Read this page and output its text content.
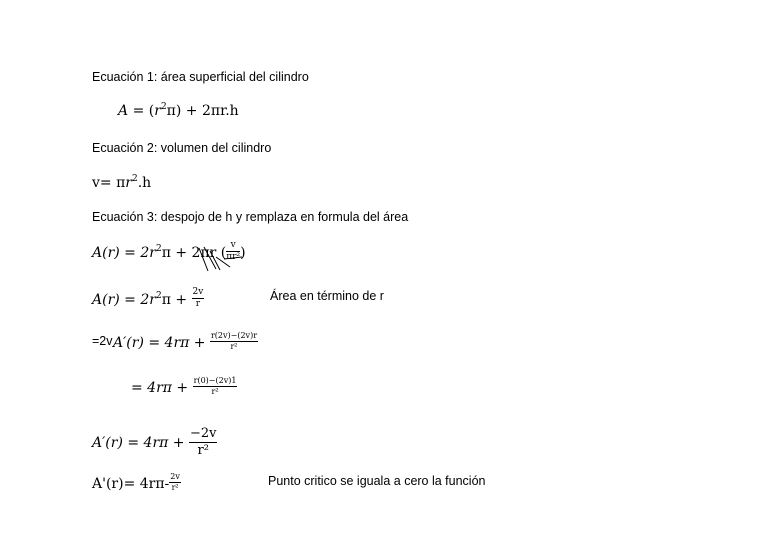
Ecuación 1: área superficial del cilindro
Ecuación 2: volumen del cilindro
Ecuación 3: despojo de h y remplaza en formula del área
Área en término de r
Punto critico se iguala a cero la función
$A = (r^2\pi) + 2\pi r.h$
$v= \pi r^2.h$
$A(r) = 2r^2\pi + 2\pi r$ ( $\frac{v}{\text{πr²}}$ )
$A(r) = 2r^2\pi + \frac{2v}{r}$
=2v $A'(r) = 4r\pi + \frac{r(2v)-(2v)r}{\text{r²}}$
= $4r\pi + \frac{r(0)-(2v)1}{\text{r²}}$
$A'(r) = 4r\pi + \frac{-2v}{\text{r²}}$
$A'(r)= 4r\pi- \frac{2v}{\text{r²}}$
